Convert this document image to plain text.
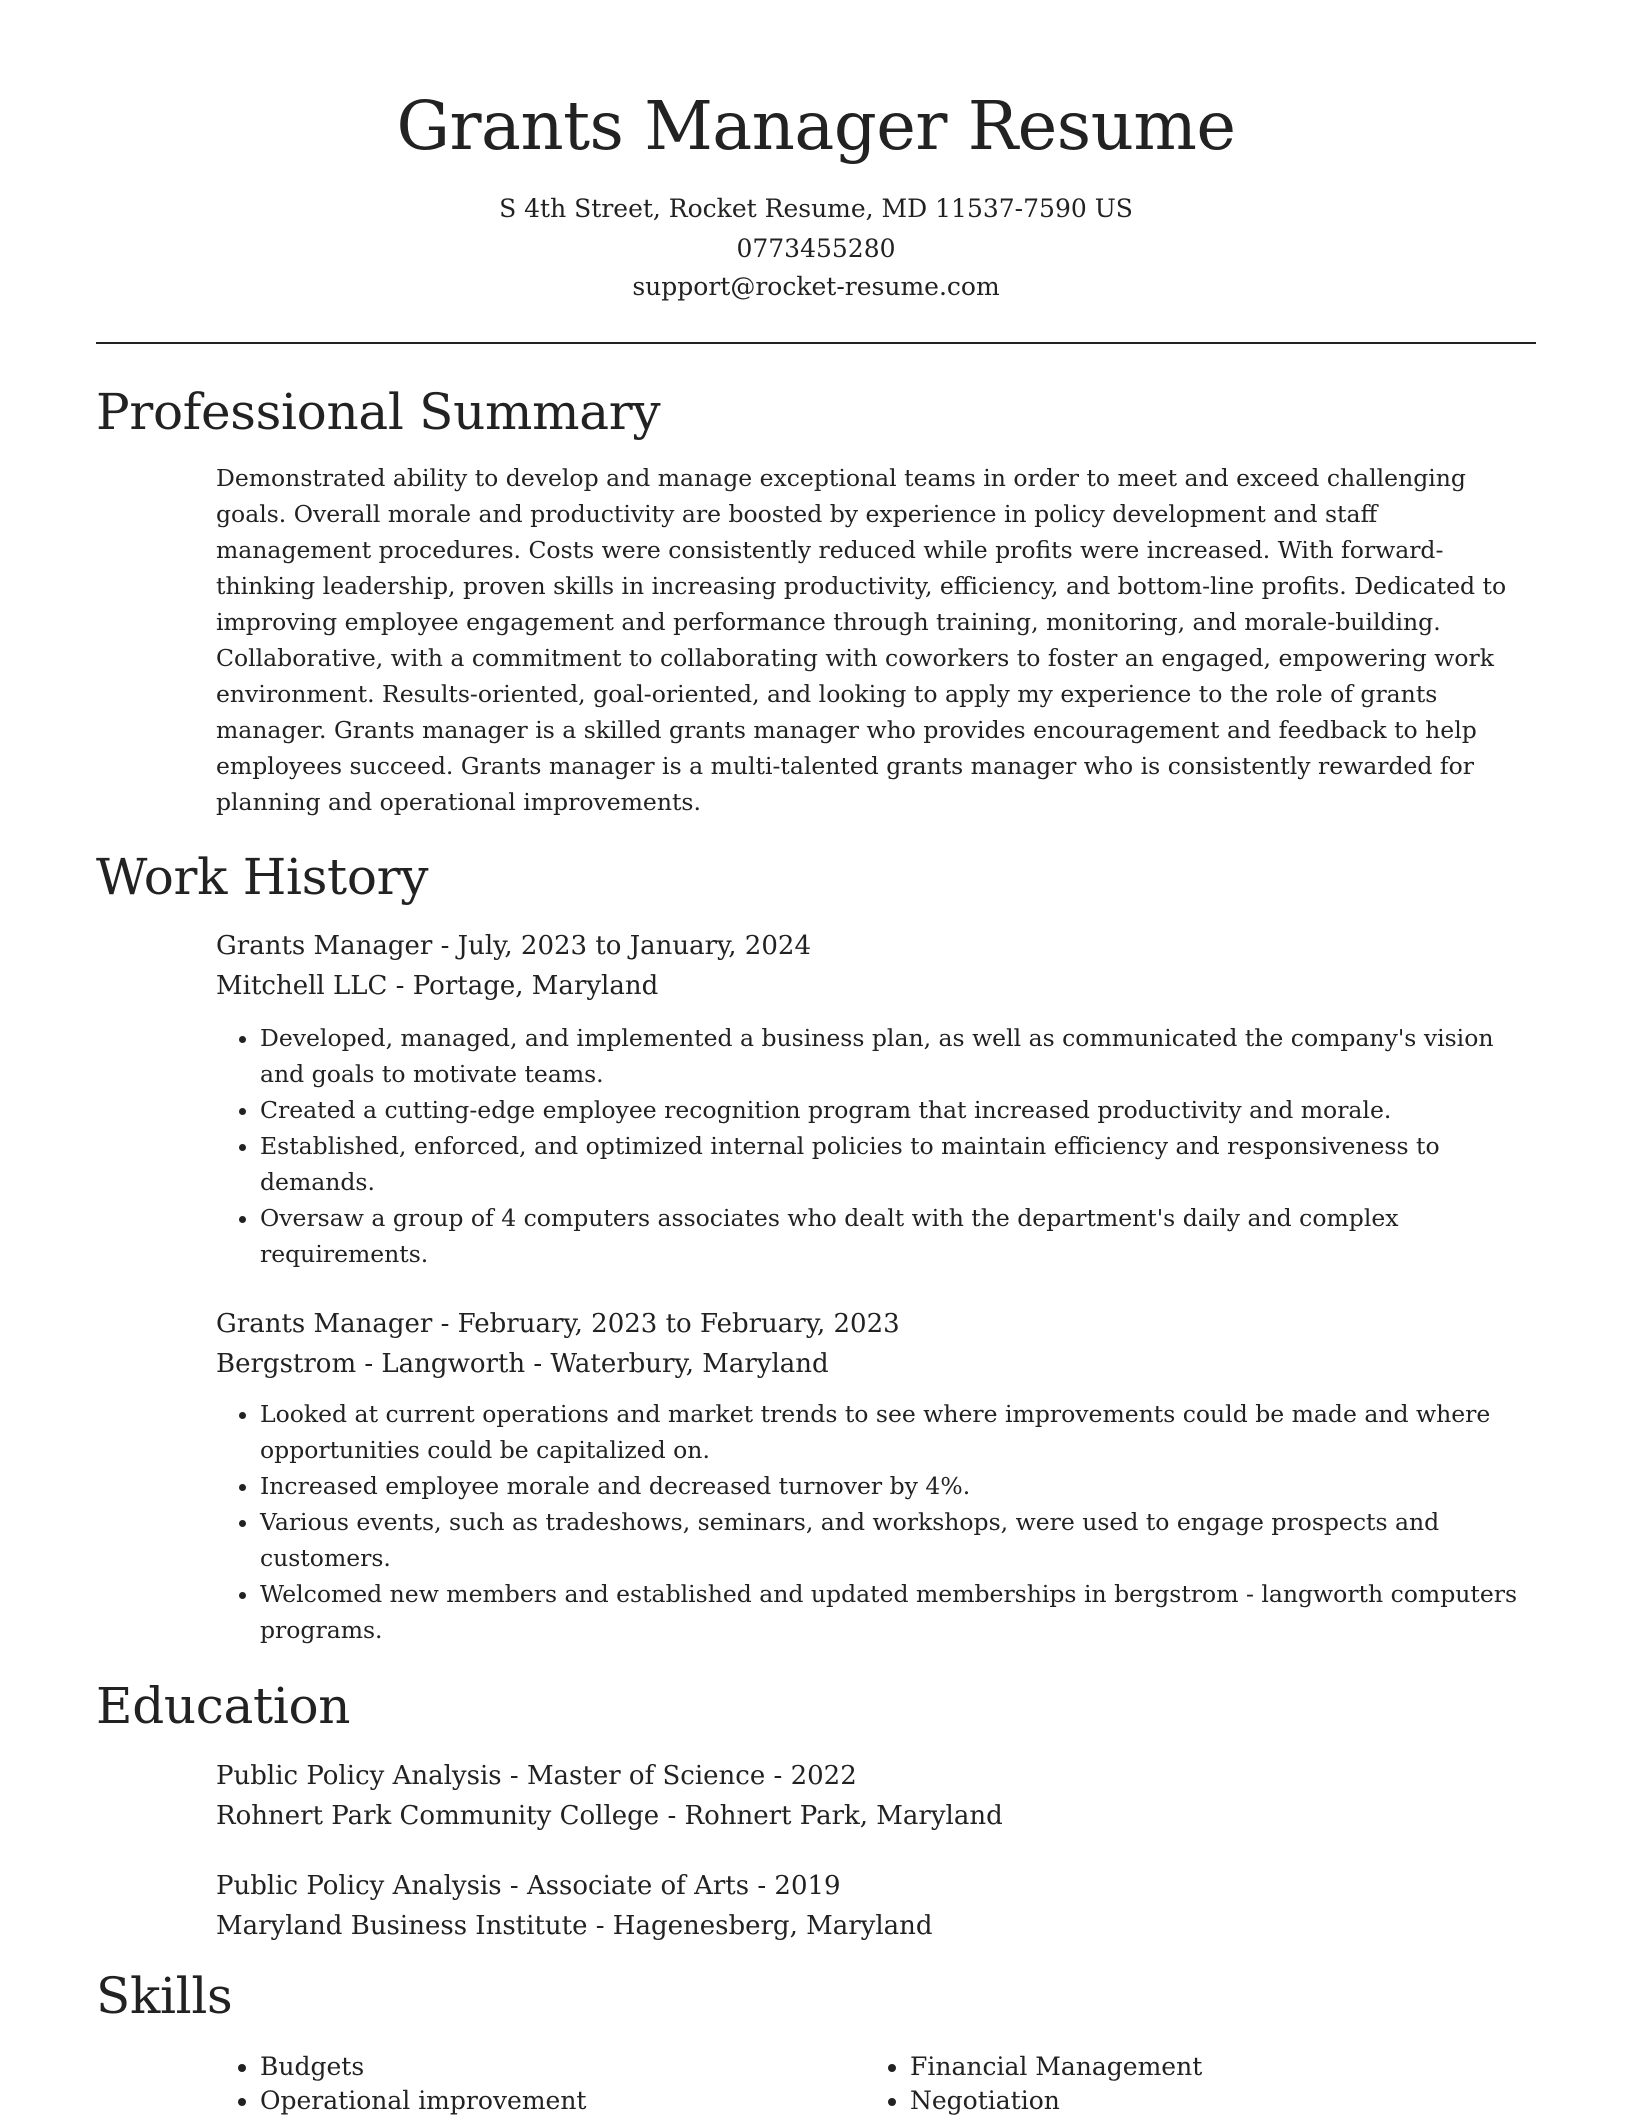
Grants Manager Resume
S 4th Street, Rocket Resume, MD 11537-7590 US
0773455280
support@rocket-resume.com
Professional Summary

Demonstrated ability to develop and manage exceptional teams in order to meet and exceed challenging goals. Overall morale and productivity are boosted by experience in policy development and staff management procedures. Costs were consistently reduced while profits were increased. With forward-thinking leadership, proven skills in increasing productivity, efficiency, and bottom-line profits. Dedicated to improving employee engagement and performance through training, monitoring, and morale-building. Collaborative, with a commitment to collaborating with coworkers to foster an engaged, empowering work environment. Results-oriented, goal-oriented, and looking to apply my experience to the role of grants manager. Grants manager is a skilled grants manager who provides encouragement and feedback to help employees succeed. Grants manager is a multi-talented grants manager who is consistently rewarded for planning and operational improvements.

Work History

Grants Manager - July, 2023 to January, 2024

Mitchell LLC - Portage, Maryland

• Developed, managed, and implemented a business plan, as well as communicated the company's vision and goals to motivate teams.
• Created a cutting-edge employee recognition program that increased productivity and morale.
• Established, enforced, and optimized internal policies to maintain efficiency and responsiveness to demands.
• Oversaw a group of 4 computers associates who dealt with the department's daily and complex requirements.

Grants Manager - February, 2023 to February, 2023

Bergstrom - Langworth - Waterbury, Maryland

• Looked at current operations and market trends to see where improvements could be made and where opportunities could be capitalized on.
• Increased employee morale and decreased turnover by 4%.
• Various events, such as tradeshows, seminars, and workshops, were used to engage prospects and customers.
• Welcomed new members and established and updated memberships in bergstrom - langworth computers programs.
Education

Public Policy Analysis - Master of Science - 2022

Rohnert Park Community College - Rohnert Park, Maryland

Public Policy Analysis - Associate of Arts - 2019

Maryland Business Institute - Hagenesberg, Maryland

Skills
• Budgets
• Operational improvement
• Financial Management
• Negotiation
